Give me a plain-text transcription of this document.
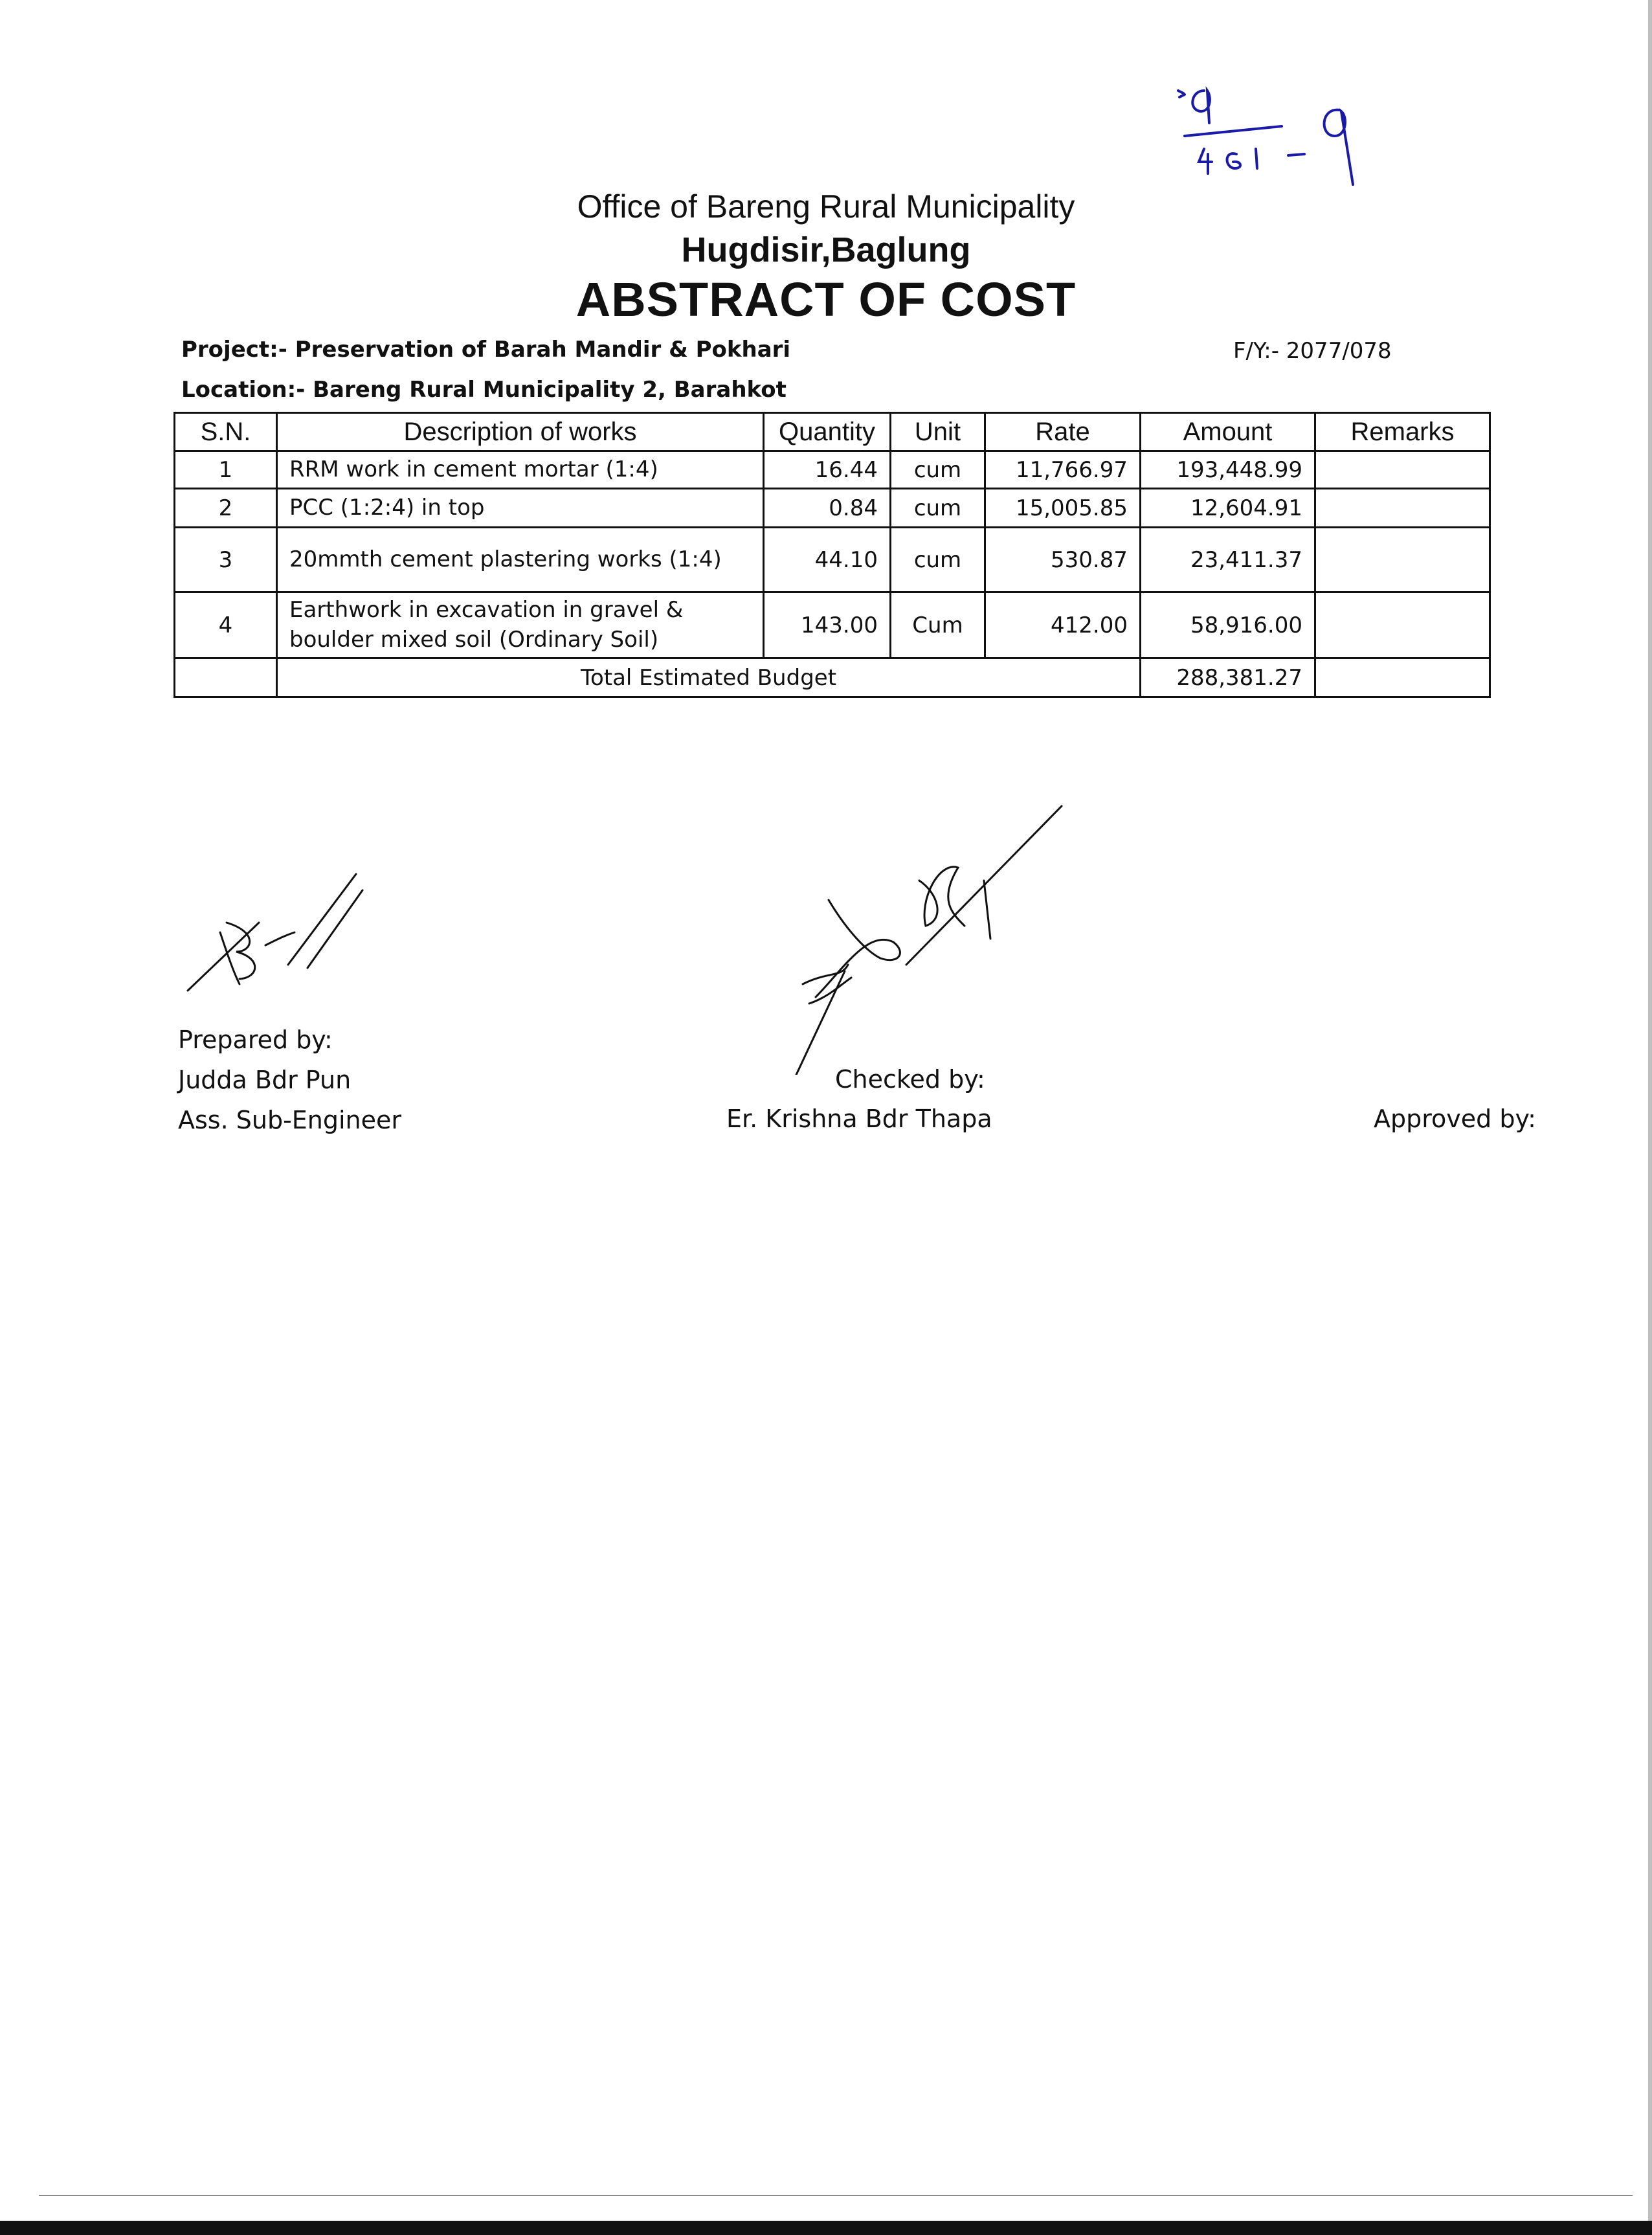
Office of Bareng Rural Municipality
Hugdisir,Baglung
ABSTRACT OF COST
Project:- Preservation of Barah Mandir & Pokhari	F/Y:- 2077/078
Location:- Bareng Rural Municipality 2, Barahkot
S.N.	Description of works	Quantity	Unit	Rate	Amount	Remarks
1	RRM work in cement mortar (1:4)	16.44	cum	11,766.97	193,448.99	
2	PCC (1:2:4) in top	0.84	cum	15,005.85	12,604.91	
3	20mmth cement plastering works (1:4)	44.10	cum	530.87	23,411.37	
4	Earthwork in excavation in gravel & boulder mixed soil (Ordinary Soil)	143.00	Cum	412.00	58,916.00	
	Total Estimated Budget				288,381.27	
Prepared by:
Judda Bdr Pun
Ass. Sub-Engineer
Checked by:
Er. Krishna Bdr Thapa	Approved by:
